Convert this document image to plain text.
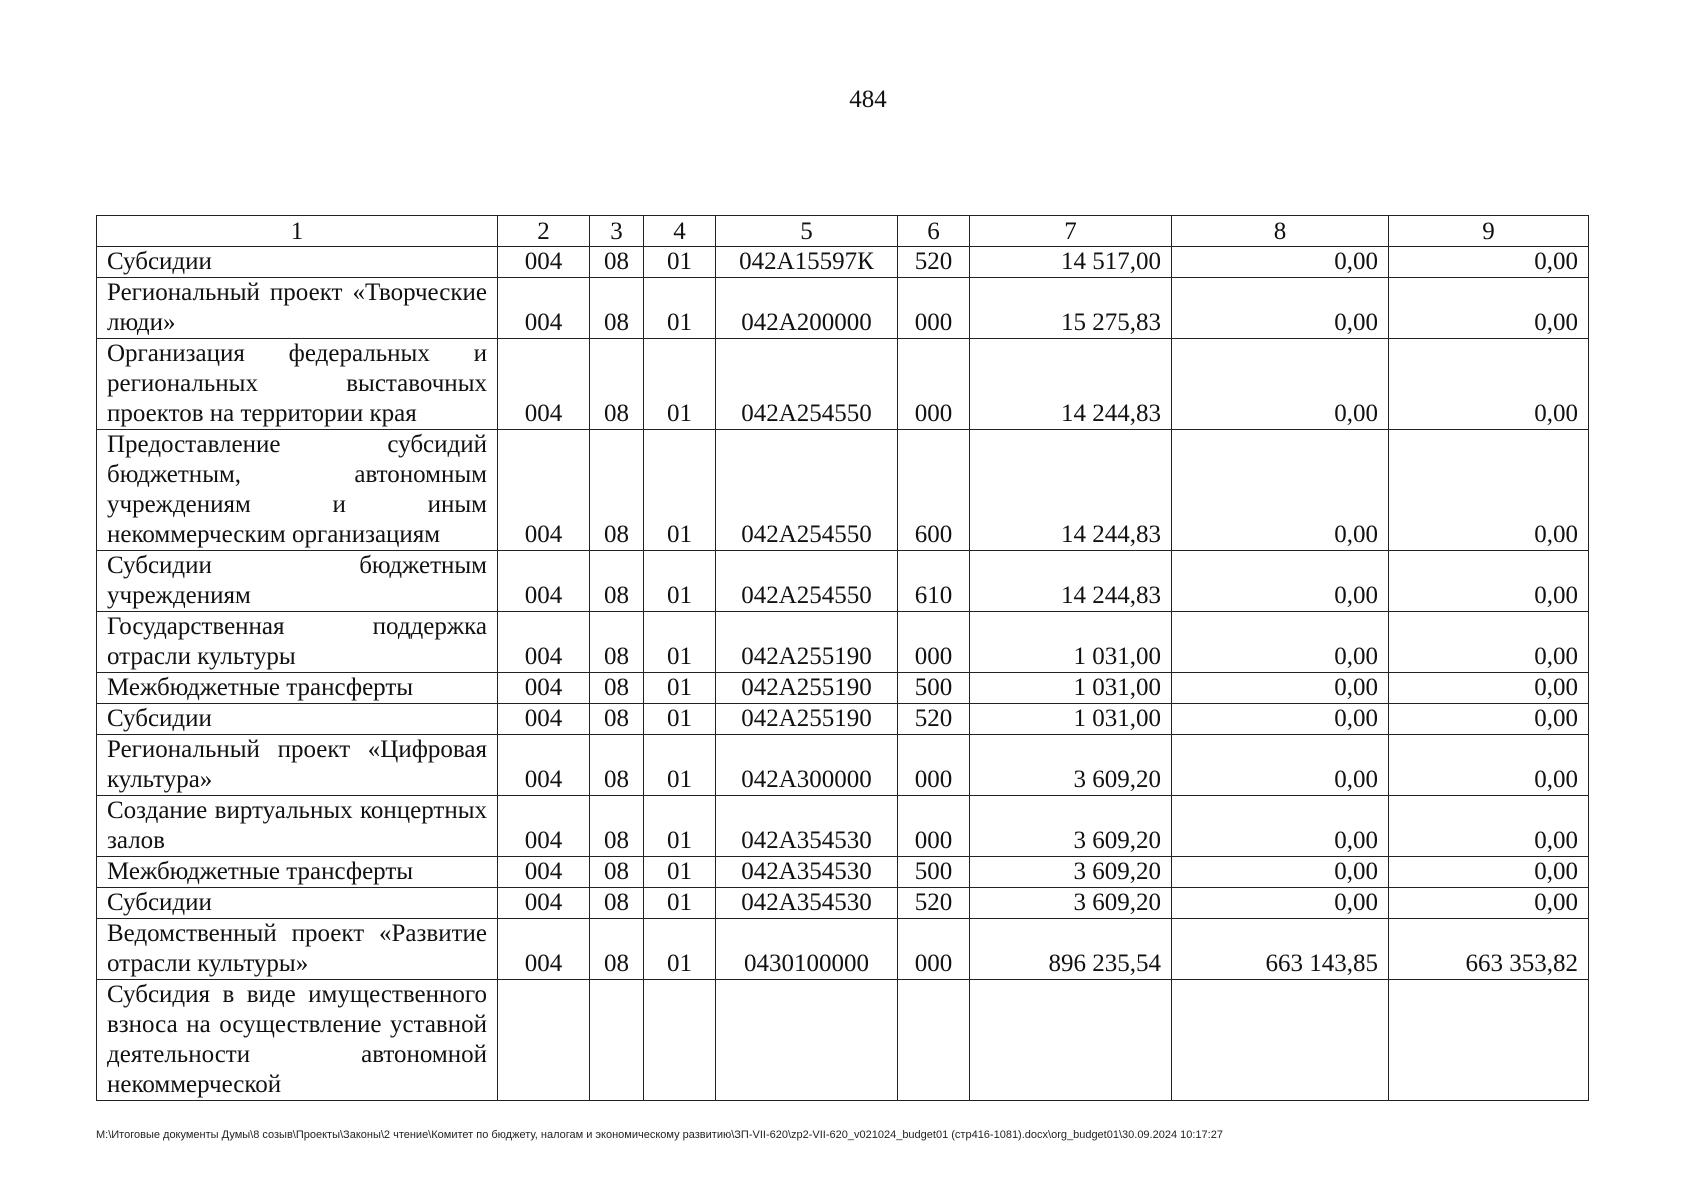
484
1	2	3	4	5	6	7	8	9
Субсидии	004	08	01	042А15597К	520	14 517,00	0,00	0,00
Региональный проект «Творческие люди»	004	08	01	042А200000	000	15 275,83	0,00	0,00
Организация федеральных и региональных выставочных проектов на территории края	004	08	01	042А254550	000	14 244,83	0,00	0,00
Предоставление субсидий бюджетным, автономным учреждениям и иным некоммерческим организациям	004	08	01	042А254550	600	14 244,83	0,00	0,00
Субсидии бюджетным учреждениям	004	08	01	042А254550	610	14 244,83	0,00	0,00
Государственная поддержка отрасли культуры	004	08	01	042А255190	000	1 031,00	0,00	0,00
Межбюджетные трансферты	004	08	01	042А255190	500	1 031,00	0,00	0,00
Субсидии	004	08	01	042А255190	520	1 031,00	0,00	0,00
Региональный проект «Цифровая культура»	004	08	01	042А300000	000	3 609,20	0,00	0,00
Создание виртуальных концертных залов	004	08	01	042А354530	000	3 609,20	0,00	0,00
Межбюджетные трансферты	004	08	01	042А354530	500	3 609,20	0,00	0,00
Субсидии	004	08	01	042А354530	520	3 609,20	0,00	0,00
Ведомственный проект «Развитие отрасли культуры»	004	08	01	0430100000	000	896 235,54	663 143,85	663 353,82
Субсидия в виде имущественного взноса на осуществление уставной деятельности автономной некоммерческой								
M:\Итоговые документы Думы\8 созыв\Проекты\Законы\2 чтение\Комитет по бюджету, налогам и экономическому развитию\ЗП-VII-620\zp2-VII-620_v021024_budget01 (стр416-1081).docx\org_budget01\30.09.2024 10:17:27
